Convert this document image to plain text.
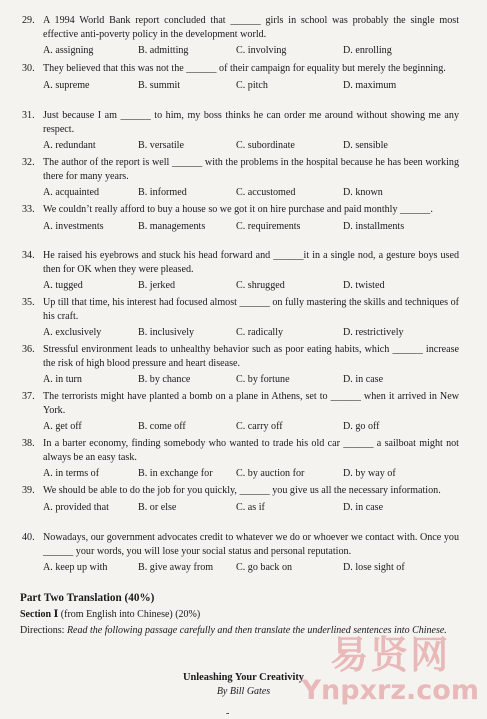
29. A 1994 World Bank report concluded that ______ girls in school was probably the single most effective anti-poverty policy in the development world.
A. assigning	B. admitting	C. involving	D. enrolling
30. They believed that this was not the ______ of their campaign for equality but merely the beginning.
A. supreme	B. summit	C. pitch	D. maximum
31. Just because I am ______ to him, my boss thinks he can order me around without showing me any respect.
A. redundant	B. versatile	C. subordinate	D. sensible
32. The author of the report is well ______ with the problems in the hospital because he has been working there for many years.
A. acquainted	B. informed	C. accustomed	D. known
33. We couldn’t really afford to buy a house so we got it on hire purchase and paid monthly ______.
A. investments	B. managements	C. requirements	D. installments
34. He raised his eyebrows and stuck his head forward and ______it in a single nod, a gesture boys used then for OK when they were pleased.
A. tugged	B. jerked	C. shrugged	D. twisted
35. Up till that time, his interest had focused almost ______ on fully mastering the skills and techniques of his craft.
A. exclusively	B. inclusively	C. radically	D. restrictively
36. Stressful environment leads to unhealthy behavior such as poor eating habits, which ______ increase the risk of high blood pressure and heart disease.
A. in turn	B. by chance	C. by fortune	D. in case
37. The terrorists might have planted a bomb on a plane in Athens, set to ______ when it arrived in New York.
A. get off	B. come off	C. carry off	D. go off
38. In a barter economy, finding somebody who wanted to trade his old car ______ a sailboat might not always be an easy task.
A. in terms of	B. in exchange for C. by auction for	D. by way of
39. We should be able to do the job for you quickly, ______ you give us all the necessary information.
A. provided that	B. or else	C. as if	D. in case
40. Nowadays, our government advocates credit to whatever we do or whoever we contact with. Once you ______ your words, you will lose your social status and personal reputation.
A. keep up with	B. give away from C. go back on	D. lose sight of
Part Two Translation (40%)
Section Ⅰ (from English into Chinese) (20%)
Directions: Read the following passage carefully and then translate the underlined sentences into Chinese.
Unleashing Your Creativity
By Bill Gates
易贤网
Ynpxrz.com
-
